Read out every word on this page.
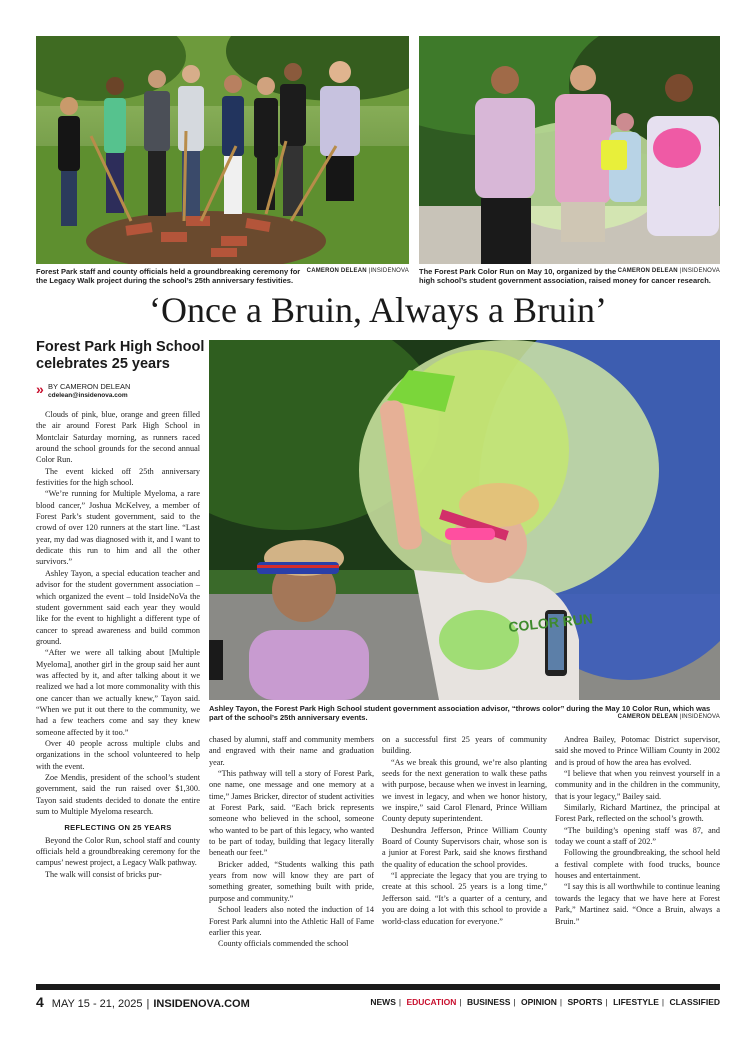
CAMERON DELEAN |INSIDENOVA
Forest Park staff and county officials held a groundbreaking ceremony for the Legacy Walk project during the school’s 25th anniversary festivities.
CAMERON DELEAN |INSIDENOVA
The Forest Park Color Run on May 10, organized by the high school’s student government association, raised money for cancer research.
‘Once a Bruin, Always a Bruin’
Forest Park High School celebrates 25 years
» BY CAMERON DELEAN
cdelean@insidenova.com
COLOR RUN
Ashley Tayon, the Forest Park High School student government association advisor, “throws color” during the May 10 Color Run, which was part of the school’s 25th anniversary events.	CAMERON DELEAN |INSIDENOVA

Clouds of pink, blue, orange and green filled the air around Forest Park High School in Montclair Saturday morning, as runners raced around the school grounds for the second annual Color Run.

The event kicked off 25th anniversary festivities for the high school.

“We’re running for Multiple Myeloma, a rare blood cancer,” Joshua McKelvey, a member of Forest Park’s student government, said to the crowd of over 120 runners at the start line. “Last year, my dad was diagnosed with it, and I want to dedicate this run to him and all the other survivors.”

Ashley Tayon, a special education teacher and advisor for the student government association – which organized the event – told InsideNoVa the student government said each year they would like for the event to highlight a different type of cancer to spread awareness and build common ground.

“After we were all talking about [Multiple Myeloma], another girl in the group said her aunt was affected by it, and after talking about it we realized we had a lot more commonality with this one cancer than we actually knew,” Tayon said. “When we put it out there to the community, we had a few teachers come and say they knew someone affected by it too.”

Over 40 people across multiple clubs and organizations in the school volunteered to help with the event.

Zoe Mendis, president of the school’s student government, said the run raised over $1,300. Tayon said students decided to donate the entire sum to Multiple Myeloma research.

REFLECTING ON 25 YEARS

Beyond the Color Run, school staff and county officials held a groundbreaking ceremony for the campus’ newest project, a Legacy Walk pathway.

The walk will consist of bricks pur-

chased by alumni, staff and community members and engraved with their name and graduation year.

“This pathway will tell a story of Forest Park, one name, one message and one memory at a time,” James Bricker, director of student activities at Forest Park, said. “Each brick represents someone who believed in the school, someone who wanted to be part of this legacy, who wanted to be part of today, building that legacy literally beneath our feet.”

Bricker added, “Students walking this path years from now will know they are part of something greater, something built with pride, purpose and community.”

School leaders also noted the induction of 14 Forest Park alumni into the Athletic Hall of Fame earlier this year.

County officials commended the school

on a successful first 25 years of community building.

“As we break this ground, we’re also planting seeds for the next generation to walk these paths with purpose, because when we invest in learning, we invest in legacy, and when we honor history, we inspire,” said Carol Flenard, Prince William County deputy superintendent.

Deshundra Jefferson, Prince William County Board of County Supervisors chair, whose son is a junior at Forest Park, said she knows firsthand the quality of education the school provides.

“I appreciate the legacy that you are trying to create at this school. 25 years is a long time,” Jefferson said. “It’s a quarter of a century, and you are doing a lot with this school to provide a world-class education for everyone.”

Andrea Bailey, Potomac District supervisor, said she moved to Prince William County in 2002 and is proud of how the area has evolved.

“I believe that when you reinvest yourself in a community and in the children in the community, that is your legacy,” Bailey said.

Similarly, Richard Martinez, the principal at Forest Park, reflected on the school’s growth.

“The building’s opening staff was 87, and today we count a staff of 202.”

Following the groundbreaking, the school held a festival complete with food trucks, bounce houses and entertainment.

“I say this is all worthwhile to continue leaning towards the legacy that we have here at Forest Park,” Martinez said. “Once a Bruin, always a Bruin.”

4 MAY 15 - 21, 2025 | INSIDENOVA.COM	NEWS | EDUCATION | BUSINESS | OPINION | SPORTS | LIFESTYLE | CLASSIFIED
